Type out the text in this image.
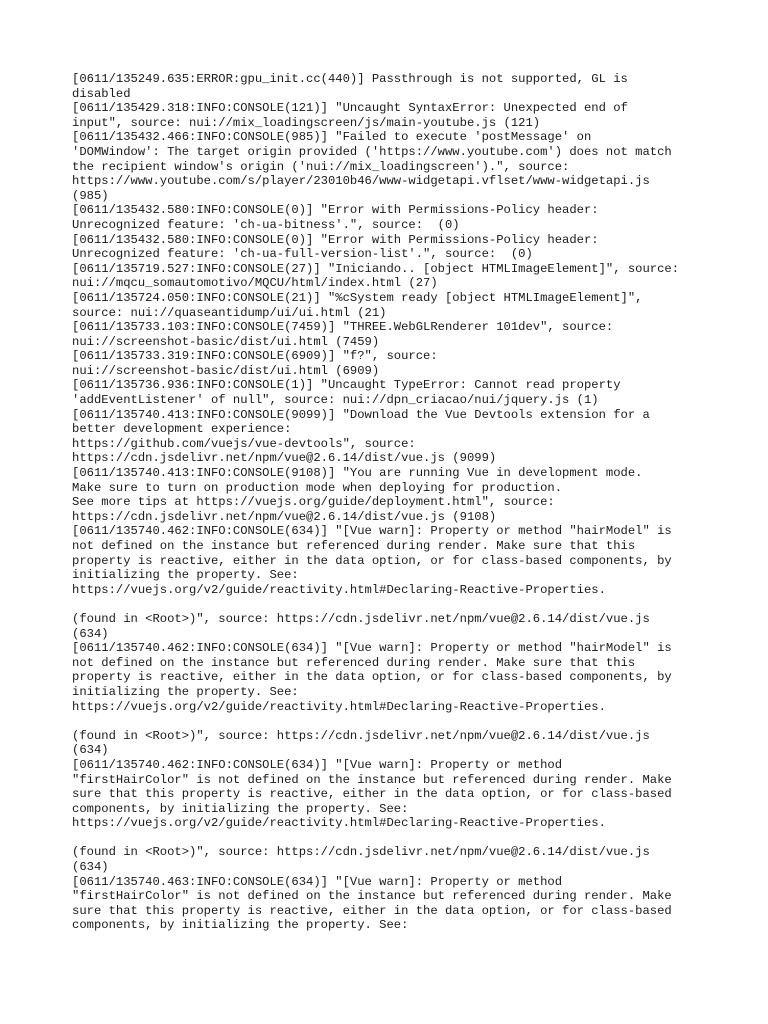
[0611/135249.635:ERROR:gpu_init.cc(440)] Passthrough is not supported, GL is
disabled
[0611/135429.318:INFO:CONSOLE(121)] "Uncaught SyntaxError: Unexpected end of
input", source: nui://mix_loadingscreen/js/main-youtube.js (121)
[0611/135432.466:INFO:CONSOLE(985)] "Failed to execute 'postMessage' on
'DOMWindow': The target origin provided ('https://www.youtube.com') does not match
the recipient window's origin ('nui://mix_loadingscreen').", source:
https://www.youtube.com/s/player/23010b46/www-widgetapi.vflset/www-widgetapi.js
(985)
[0611/135432.580:INFO:CONSOLE(0)] "Error with Permissions-Policy header:
Unrecognized feature: 'ch-ua-bitness'.", source:  (0)
[0611/135432.580:INFO:CONSOLE(0)] "Error with Permissions-Policy header:
Unrecognized feature: 'ch-ua-full-version-list'.", source:  (0)
[0611/135719.527:INFO:CONSOLE(27)] "Iniciando.. [object HTMLImageElement]", source:
nui://mqcu_somautomotivo/MQCU/html/index.html (27)
[0611/135724.050:INFO:CONSOLE(21)] "%cSystem ready [object HTMLImageElement]",
source: nui://quaseantidump/ui/ui.html (21)
[0611/135733.103:INFO:CONSOLE(7459)] "THREE.WebGLRenderer 101dev", source:
nui://screenshot-basic/dist/ui.html (7459)
[0611/135733.319:INFO:CONSOLE(6909)] "f?", source:
nui://screenshot-basic/dist/ui.html (6909)
[0611/135736.936:INFO:CONSOLE(1)] "Uncaught TypeError: Cannot read property
'addEventListener' of null", source: nui://dpn_criacao/nui/jquery.js (1)
[0611/135740.413:INFO:CONSOLE(9099)] "Download the Vue Devtools extension for a
better development experience:
https://github.com/vuejs/vue-devtools", source:
https://cdn.jsdelivr.net/npm/vue@2.6.14/dist/vue.js (9099)
[0611/135740.413:INFO:CONSOLE(9108)] "You are running Vue in development mode.
Make sure to turn on production mode when deploying for production.
See more tips at https://vuejs.org/guide/deployment.html", source:
https://cdn.jsdelivr.net/npm/vue@2.6.14/dist/vue.js (9108)
[0611/135740.462:INFO:CONSOLE(634)] "[Vue warn]: Property or method "hairModel" is
not defined on the instance but referenced during render. Make sure that this
property is reactive, either in the data option, or for class-based components, by
initializing the property. See:
https://vuejs.org/v2/guide/reactivity.html#Declaring-Reactive-Properties.

(found in <Root>)", source: https://cdn.jsdelivr.net/npm/vue@2.6.14/dist/vue.js
(634)
[0611/135740.462:INFO:CONSOLE(634)] "[Vue warn]: Property or method "hairModel" is
not defined on the instance but referenced during render. Make sure that this
property is reactive, either in the data option, or for class-based components, by
initializing the property. See:
https://vuejs.org/v2/guide/reactivity.html#Declaring-Reactive-Properties.

(found in <Root>)", source: https://cdn.jsdelivr.net/npm/vue@2.6.14/dist/vue.js
(634)
[0611/135740.462:INFO:CONSOLE(634)] "[Vue warn]: Property or method
"firstHairColor" is not defined on the instance but referenced during render. Make
sure that this property is reactive, either in the data option, or for class-based
components, by initializing the property. See:
https://vuejs.org/v2/guide/reactivity.html#Declaring-Reactive-Properties.

(found in <Root>)", source: https://cdn.jsdelivr.net/npm/vue@2.6.14/dist/vue.js
(634)
[0611/135740.463:INFO:CONSOLE(634)] "[Vue warn]: Property or method
"firstHairColor" is not defined on the instance but referenced during render. Make
sure that this property is reactive, either in the data option, or for class-based
components, by initializing the property. See:
